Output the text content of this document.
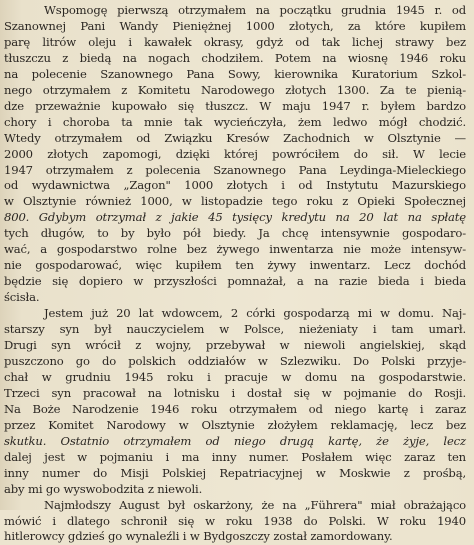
Wspomogę pierwszą otrzymałem na początku grudnia 1945 r. od

Szanownej Pani Wandy Pieniężnej 1000 złotych, za które kupiłem

parę litrów oleju i kawałek okrasy, gdyż od tak lichej strawy bez

tłuszczu z biedą na nogach chodziłem. Potem na wiosnę 1946 roku

na polecenie Szanownego Pana Sowy, kierownika Kuratorium Szkol-

nego otrzymałem z Komitetu Narodowego złotych 1300. Za te pienią-

dze przeważnie kupowało się tłuszcz. W maju 1947 r. byłem bardzo

chory i choroba ta mnie tak wycieńczyła, żem ledwo mógł chodzić.

Wtedy otrzymałem od Związku Kresów Zachodnich w Olsztynie —

2000 złotych zapomogi, dzięki której powróciłem do sił. W lecie

1947 otrzymałem z polecenia Szanownego Pana Leydinga-Mieleckiego

od wydawnictwa „Zagon" 1000 złotych i od Instytutu Mazurskiego

w Olsztynie również 1000, w listopadzie tego roku z Opieki Społecznej

800. Gdybym otrzymał z jakie 45 tysięcy kredytu na 20 lat na spłatę

tych długów, to by było pół biedy. Ja chcę intensywnie gospodaro-

wać, a gospodarstwo rolne bez żywego inwentarza nie może intensyw-

nie gospodarować, więc kupiłem ten żywy inwentarz. Lecz dochód

będzie się dopiero w przyszłości pomnażał, a na razie bieda i bieda

ścisła.

Jestem już 20 lat wdowcem, 2 córki gospodarzą mi w domu. Naj-

starszy syn był nauczycielem w Polsce, nieżeniaty i tam umarł.

Drugi syn wrócił z wojny, przebywał w niewoli angielskiej, skąd

puszczono go do polskich oddziałów w Szlezwiku. Do Polski przyje-

chał w grudniu 1945 roku i pracuje w domu na gospodarstwie.

Trzeci syn pracował na lotnisku i dostał się w pojmanie do Rosji.

Na Boże Narodzenie 1946 roku otrzymałem od niego kartę i zaraz

przez Komitet Narodowy w Olsztynie złożyłem reklamację, lecz bez

skutku. Ostatnio otrzymałem od niego drugą kartę, że żyje, lecz

dalej jest w pojmaniu i ma inny numer. Posłałem więc zaraz ten

inny numer do Misji Polskiej Repatriacyjnej w Moskwie z prośbą,

aby mi go wyswobodzita z niewoli.

Najmłodszy August był oskarżony, że na „Führera" miał obrażająco

mówić i dlatego schronił się w roku 1938 do Polski. W roku 1940

hitlerowcy gdzieś go wynaleźli i w Bydgoszczy został zamordowany.
